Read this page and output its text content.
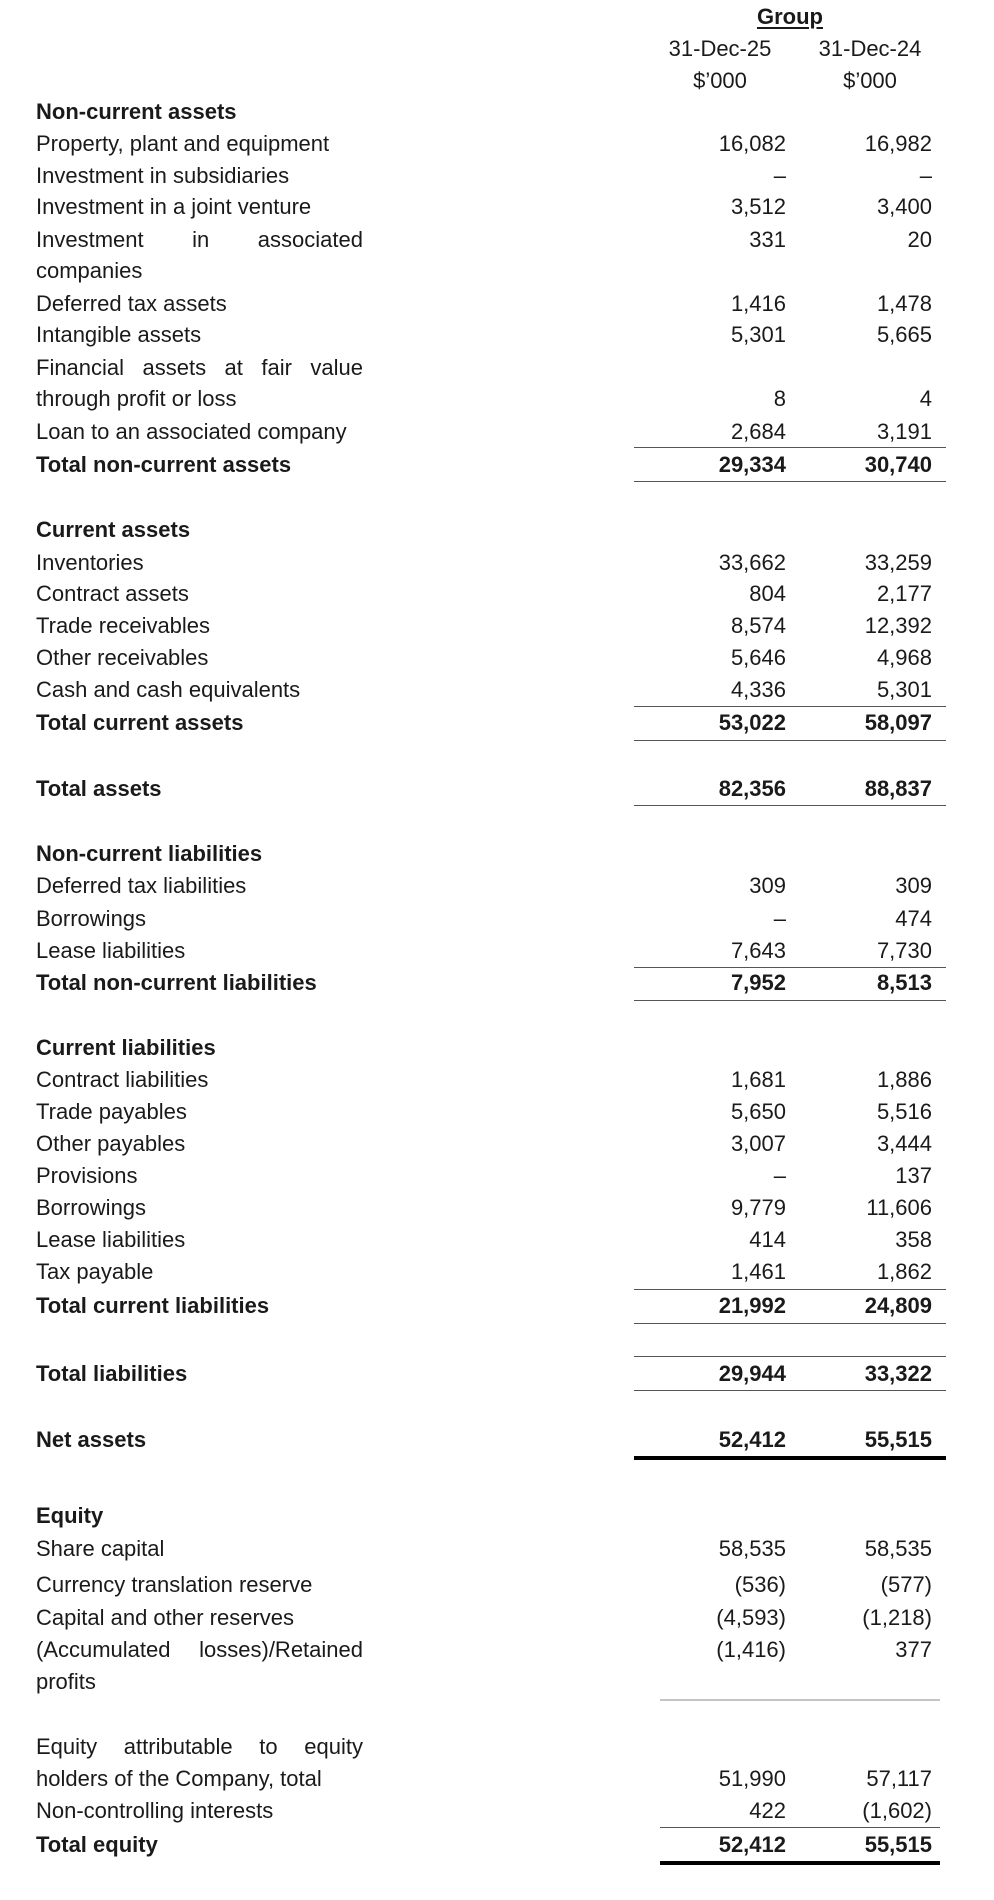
Group
31-Dec-25	31-Dec-24
$’000	$’000
Non-current assets
Property, plant and equipment	16,082	16,982
Investment in subsidiaries	–	–
Investment in a joint venture	3,512	3,400
Investment in associated	331	20
companies
Deferred tax assets	1,416	1,478
Intangible assets	5,301	5,665
Financial assets at fair value
through profit or loss	8	4
Loan to an associated company	2,684	3,191
Total non-current assets	29,334	30,740
Current assets
Inventories	33,662	33,259
Contract assets	804	2,177
Trade receivables	8,574	12,392
Other receivables	5,646	4,968
Cash and cash equivalents	4,336	5,301
Total current assets	53,022	58,097
Total assets	82,356	88,837
Non-current liabilities
Deferred tax liabilities	309	309
Borrowings	–	474
Lease liabilities	7,643	7,730
Total non-current liabilities	7,952	8,513
Current liabilities
Contract liabilities	1,681	1,886
Trade payables	5,650	5,516
Other payables	3,007	3,444
Provisions	–	137
Borrowings	9,779	11,606
Lease liabilities	414	358
Tax payable	1,461	1,862
Total current liabilities	21,992	24,809
Total liabilities	29,944	33,322
Net assets	52,412	55,515
Equity
Share capital	58,535	58,535
Currency translation reserve	(536)	(577)
Capital and other reserves	(4,593)	(1,218)
(Accumulated losses)/Retained	(1,416)	377
profits
Equity attributable to equity
holders of the Company, total	51,990	57,117
Non-controlling interests	422	(1,602)
Total equity	52,412	55,515
